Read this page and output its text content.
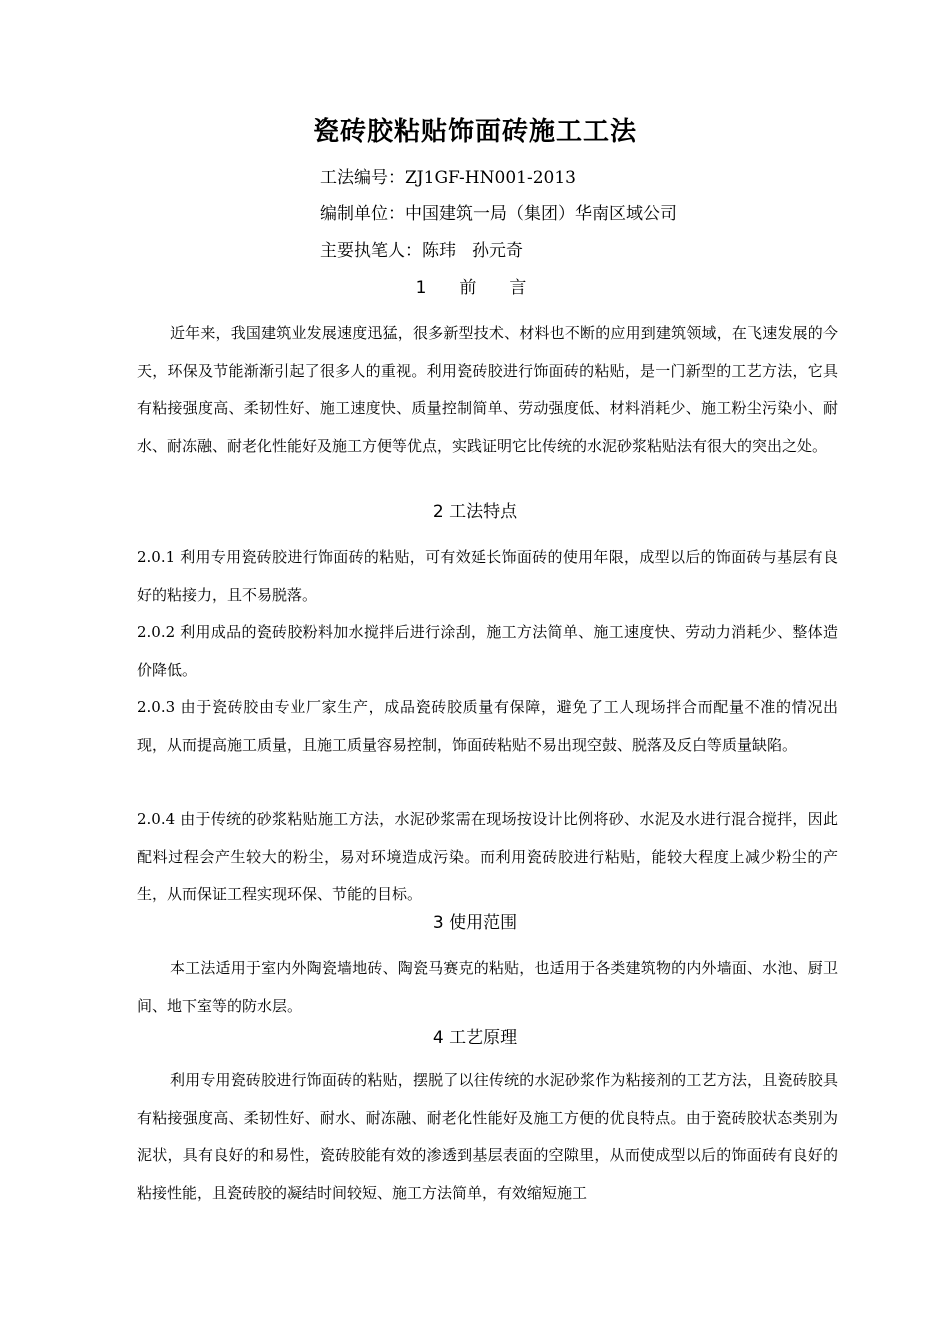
瓷砖胶粘贴饰面砖施工工法
工法编号：ZJ1GF-HN001-2013
编制单位：中国建筑一局（集团）华南区域公司
主要执笔人：陈玮 孙元奇
1　前　言

近年来，我国建筑业发展速度迅猛，很多新型技术、材料也不断的应用到建筑领域，在飞速发展的今天，环保及节能渐渐引起了很多人的重视。利用瓷砖胶进行饰面砖的粘贴，是一门新型的工艺方法，它具有粘接强度高、柔韧性好、施工速度快、质量控制简单、劳动强度低、材料消耗少、施工粉尘污染小、耐水、耐冻融、耐老化性能好及施工方便等优点，实践证明它比传统的水泥砂浆粘贴法有很大的突出之处。

2 工法特点

2.0.1 利用专用瓷砖胶进行饰面砖的粘贴，可有效延长饰面砖的使用年限，成型以后的饰面砖与基层有良好的粘接力，且不易脱落。

2.0.2 利用成品的瓷砖胶粉料加水搅拌后进行涂刮，施工方法简单、施工速度快、劳动力消耗少、整体造价降低。

2.0.3 由于瓷砖胶由专业厂家生产，成品瓷砖胶质量有保障，避免了工人现场拌合而配量不准的情况出现，从而提高施工质量，且施工质量容易控制，饰面砖粘贴不易出现空鼓、脱落及反白等质量缺陷。

2.0.4 由于传统的砂浆粘贴施工方法，水泥砂浆需在现场按设计比例将砂、水泥及水进行混合搅拌，因此配料过程会产生较大的粉尘，易对环境造成污染。而利用瓷砖胶进行粘贴，能较大程度上减少粉尘的产生，从而保证工程实现环保、节能的目标。

3 使用范围

本工法适用于室内外陶瓷墙地砖、陶瓷马赛克的粘贴，也适用于各类建筑物的内外墙面、水池、厨卫间、地下室等的防水层。

4 工艺原理

利用专用瓷砖胶进行饰面砖的粘贴，摆脱了以往传统的水泥砂浆作为粘接剂的工艺方法，且瓷砖胶具有粘接强度高、柔韧性好、耐水、耐冻融、耐老化性能好及施工方便的优良特点。由于瓷砖胶状态类别为泥状，具有良好的和易性，瓷砖胶能有效的渗透到基层表面的空隙里，从而使成型以后的饰面砖有良好的粘接性能，且瓷砖胶的凝结时间较短、施工方法简单，有效缩短施工
